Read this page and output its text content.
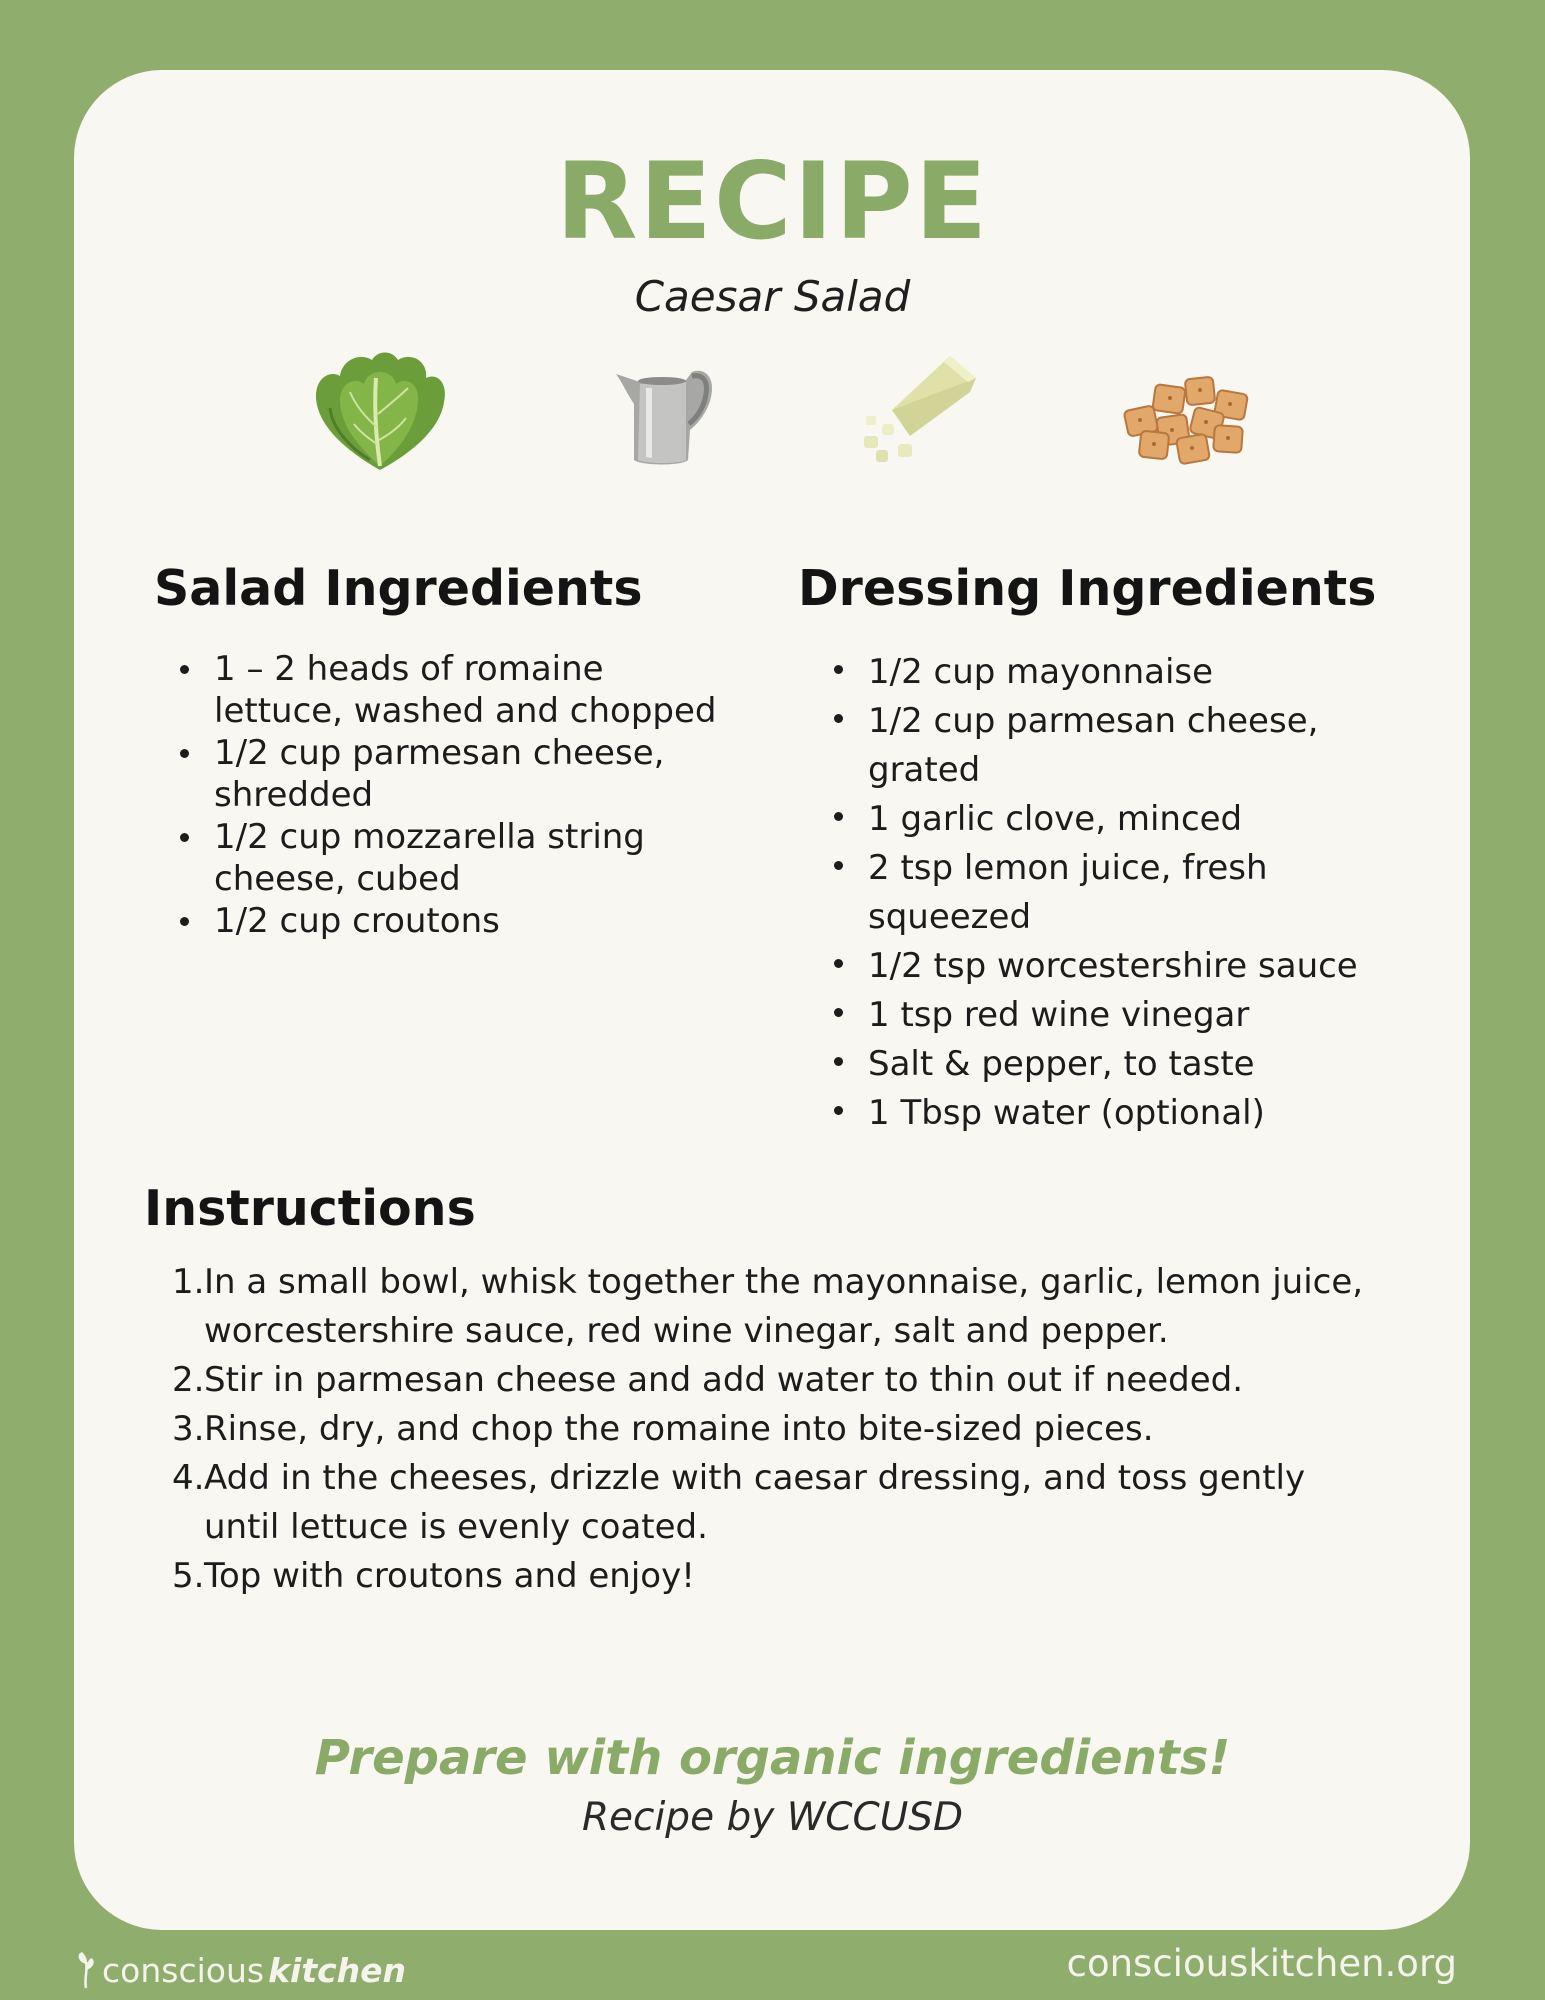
RECIPE
Caesar Salad
Salad Ingredients
1 – 2 heads of romaine lettuce, washed and chopped
1/2 cup parmesan cheese, shredded
1/2 cup mozzarella string cheese, cubed
1/2 cup croutons
Dressing Ingredients
1/2 cup mayonnaise
1/2 cup parmesan cheese, grated
1 garlic clove, minced
2 tsp lemon juice, fresh squeezed
1/2 tsp worcestershire sauce
1 tsp red wine vinegar
Salt & pepper, to taste
1 Tbsp water (optional)
Instructions
In a small bowl, whisk together the mayonnaise, garlic, lemon juice, worcestershire sauce, red wine vinegar, salt and pepper.
Stir in parmesan cheese and add water to thin out if needed.
Rinse, dry, and chop the romaine into bite-sized pieces.
Add in the cheeses, drizzle with caesar dressing, and toss gently until lettuce is evenly coated.
Top with croutons and enjoy!
Prepare with organic ingredients!
Recipe by WCCUSD
conscious kitchen	consciouskitchen.org
